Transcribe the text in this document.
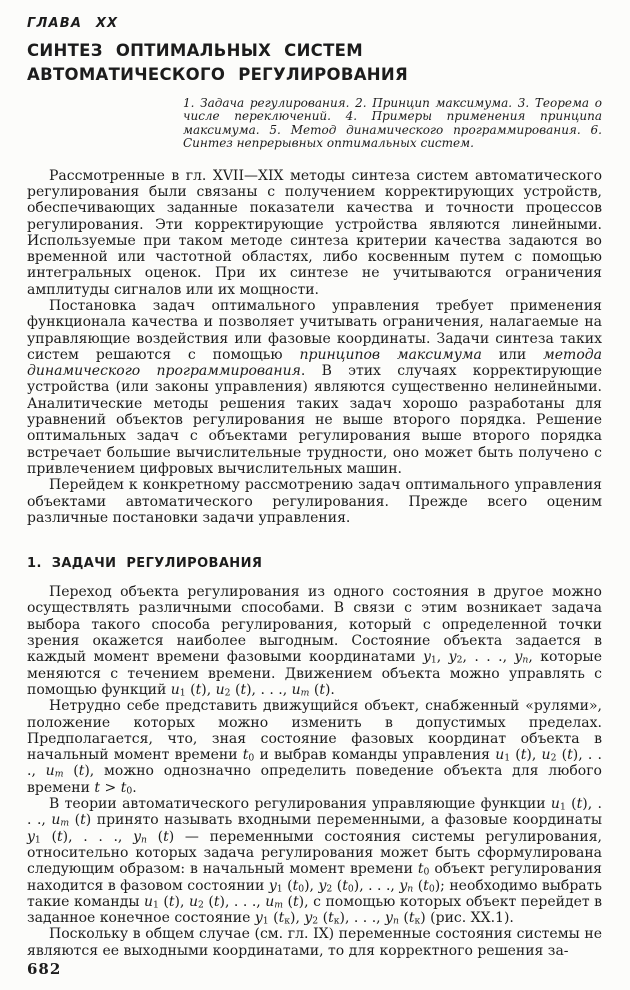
ГЛАВА XX
СИНТЕЗ ОПТИМАЛЬНЫХ СИСТЕМ АВТОМАТИЧЕСКОГО РЕГУЛИРОВАНИЯ
1. Задача регулирования. 2. Принцип максимума. 3. Теорема о числе переключений. 4. Примеры применения принципа максимума. 5. Метод динамического программирования. 6. Синтез непрерывных оптимальных систем.

Рассмотренные в гл. XVII—XIX методы синтеза систем автоматического регулирования были связаны с получением корректирующих устройств, обеспечивающих заданные показатели качества и точности процессов регулирования. Эти корректирующие устройства являются линейными. Используемые при таком методе синтеза критерии качества задаются во временной или частотной областях, либо косвенным путем с помощью интегральных оценок. При их синтезе не учитываются ограничения амплитуды сигналов или их мощности.

Постановка задач оптимального управления требует применения функционала качества и позволяет учитывать ограничения, налагаемые на управляющие воздействия или фазовые координаты. Задачи синтеза таких систем решаются с помощью принципов максимума или метода динамического программирования. В этих случаях корректирующие устройства (или законы управления) являются существенно нелинейными. Аналитические методы решения таких задач хорошо разработаны для уравнений объектов регулирования не выше второго порядка. Решение оптимальных задач с объектами регулирования выше второго порядка встречает большие вычислительные трудности, оно может быть получено с привлечением цифровых вычислительных машин.

Перейдем к конкретному рассмотрению задач оптимального управления объектами автоматического регулирования. Прежде всего оценим различные постановки задачи управления.

1. ЗАДАЧИ РЕГУЛИРОВАНИЯ

Переход объекта регулирования из одного состояния в другое можно осуществлять различными способами. В связи с этим возникает задача выбора такого способа регулирования, который с определенной точки зрения окажется наиболее выгодным. Состояние объекта задается в каждый момент времени фазовыми координатами $y_1$, $y_2$, . . ., $y_n$, которые меняются с течением времени. Движением объекта можно управлять с помощью функций $u_1$ (t), $u_2$ (t), . . ., $u_m$ (t).

Нетрудно себе представить движущийся объект, снабженный «рулями», положение которых можно изменить в допустимых пределах. Предполагается, что, зная состояние фазовых координат объекта в начальный момент времени $t_0$ и выбрав команды управления $u_1$ (t), $u_2$ (t), . . ., $u_m$ (t), можно однозначно определить поведение объекта для любого времени $t > t_0$.

В теории автоматического регулирования управляющие функции $u_1$ (t), . . ., $u_m$ (t) принято называть входными переменными, а фазовые координаты $y_1$ (t), . . ., $y_n$ (t) — переменными состояния системы регулирования, относительно которых задача регулирования может быть сформулирована следующим образом: в начальный момент времени $t_0$ объект регулирования находится в фазовом состоянии $y_1$ $(t_0)$, $y_2$ $(t_0)$, . . ., $y_n$ $(t_0)$; необходимо выбрать такие команды $u_1$ (t), $u_2$ (t), . . ., $u_m$ (t), с помощью которых объект перейдет в заданное конечное состояние $y_1$ $(t_к)$, $y_2$ $(t_к)$, . . ., $y_n$ $(t_к)$ (рис. XX.1).

Поскольку в общем случае (см. гл. IX) переменные состояния системы не являются ее выходными координатами, то для корректного решения за-

682
